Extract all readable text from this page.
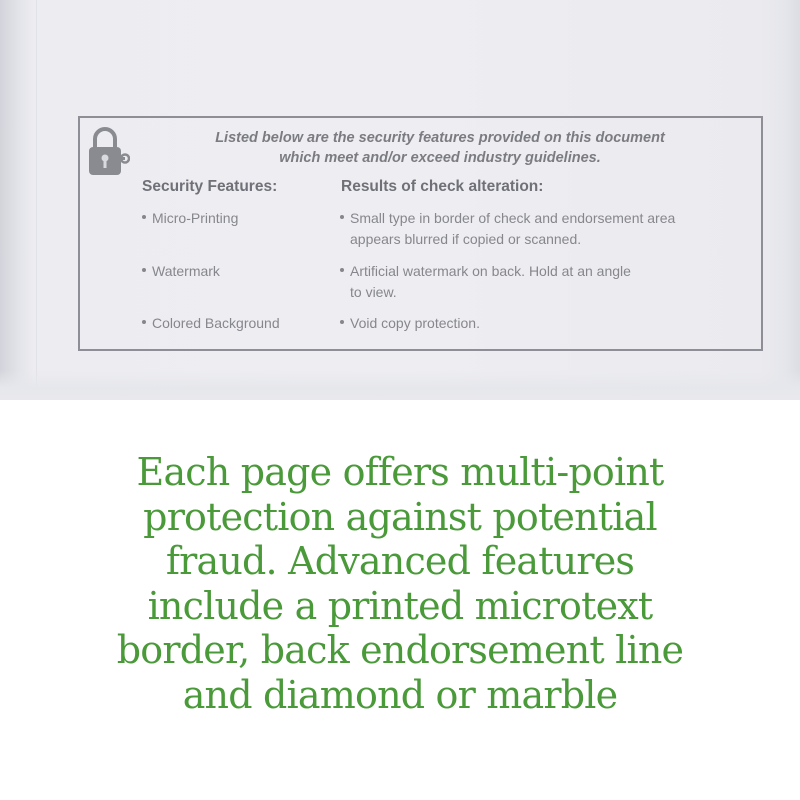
Listed below are the security features provided on this document
which meet and/or exceed industry guidelines.
Security Features:	Results of check alteration:
Micro-Printing	Small type in border of check and endorsement area
appears blurred if copied or scanned.
Watermark	Artificial watermark on back. Hold at an angle
to view.
Colored Background	Void copy protection.
Each page offers multi-point
protection against potential
fraud. Advanced features
include a printed microtext
border, back endorsement line
and diamond or marble
